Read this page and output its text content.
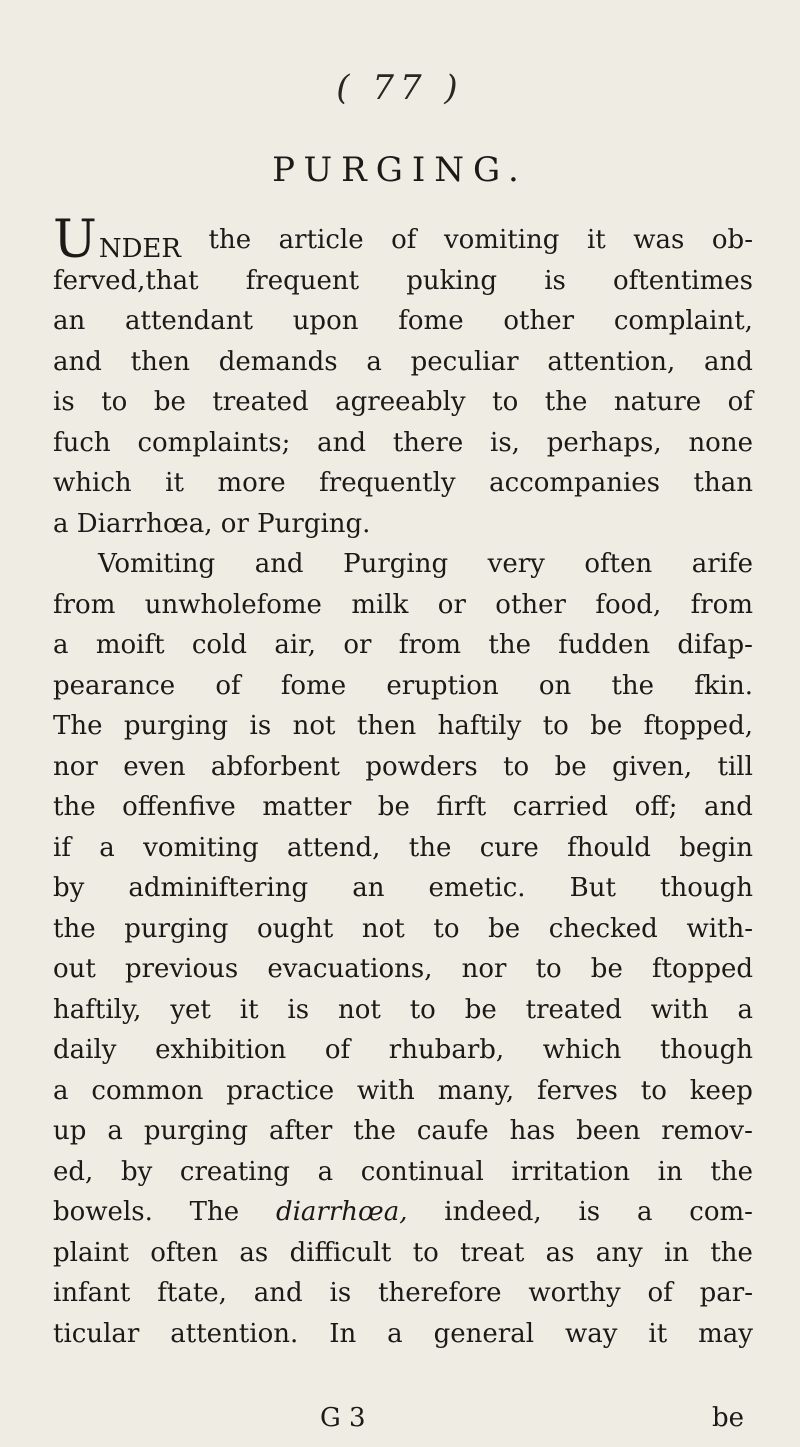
( 77 )
PURGING.
UNDER the article of vomiting it was ob-
ferved,that frequent puking is oftentimes
an attendant upon fome other complaint,
and then demands a peculiar attention, and
is to be treated agreeably to the nature of
fuch complaints; and there is, perhaps, none
which it more frequently accompanies than
a
Diarrhœa,
or
Purging.
Vomiting and Purging very often arife
from unwholefome milk or other food, from
a moift cold air, or from the fudden difap-
pearance of fome eruption on the fkin.
The purging is not then haftily to be ftopped,
nor even abforbent powders to be given, till
the offenfive matter be firft carried off; and
if a vomiting attend, the cure fhould begin
by adminiftering an emetic. But though
the purging ought not to be checked with-
out previous evacuations, nor to be ftopped
haftily, yet it is not to be treated with a
daily exhibition of rhubarb, which though
a common practice with many, ferves to keep
up a purging after the caufe has been remov-
ed, by creating a continual irritation in the
bowels. The diarrhœa, indeed, is a com-
plaint often as difficult to treat as any in the
infant ftate, and is therefore worthy of par-
ticular attention. In a general way it may
G 3	be
